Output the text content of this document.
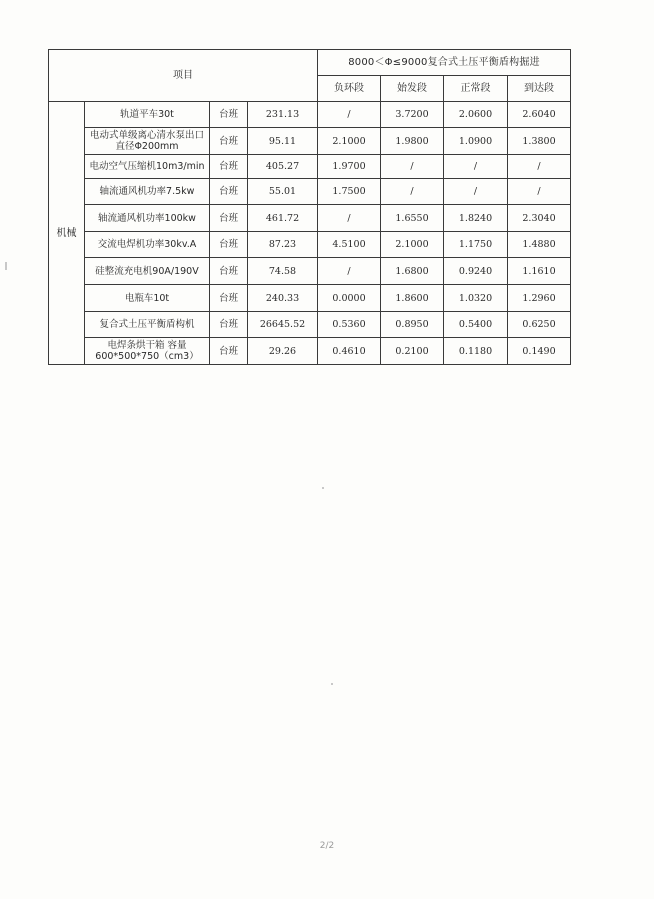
项目				8000＜Φ≤9000复合式土压平衡盾构掘进			
				负环段	始发段	正常段	到达段
机械	轨道平车30t	台班	231.13	/	3.7200	2.0600	2.6040
	电动式单级离心清水泵出口直径Φ200mm	台班	95.11	2.1000	1.9800	1.0900	1.3800
	电动空气压缩机10m3/min	台班	405.27	1.9700	/	/	/
	轴流通风机功率7.5kw	台班	55.01	1.7500	/	/	/
	轴流通风机功率100kw	台班	461.72	/	1.6550	1.8240	2.3040
	交流电焊机功率30kv.A	台班	87.23	4.5100	2.1000	1.1750	1.4880
	硅整流充电机90A/190V	台班	74.58	/	1.6800	0.9240	1.1610
	电瓶车10t	台班	240.33	0.0000	1.8600	1.0320	1.2960
	复合式土压平衡盾构机	台班	26645.52	0.5360	0.8950	0.5400	0.6250
	电焊条烘干箱 容量600*500*750（cm3）	台班	29.26	0.4610	0.2100	0.1180	0.1490
2/2
